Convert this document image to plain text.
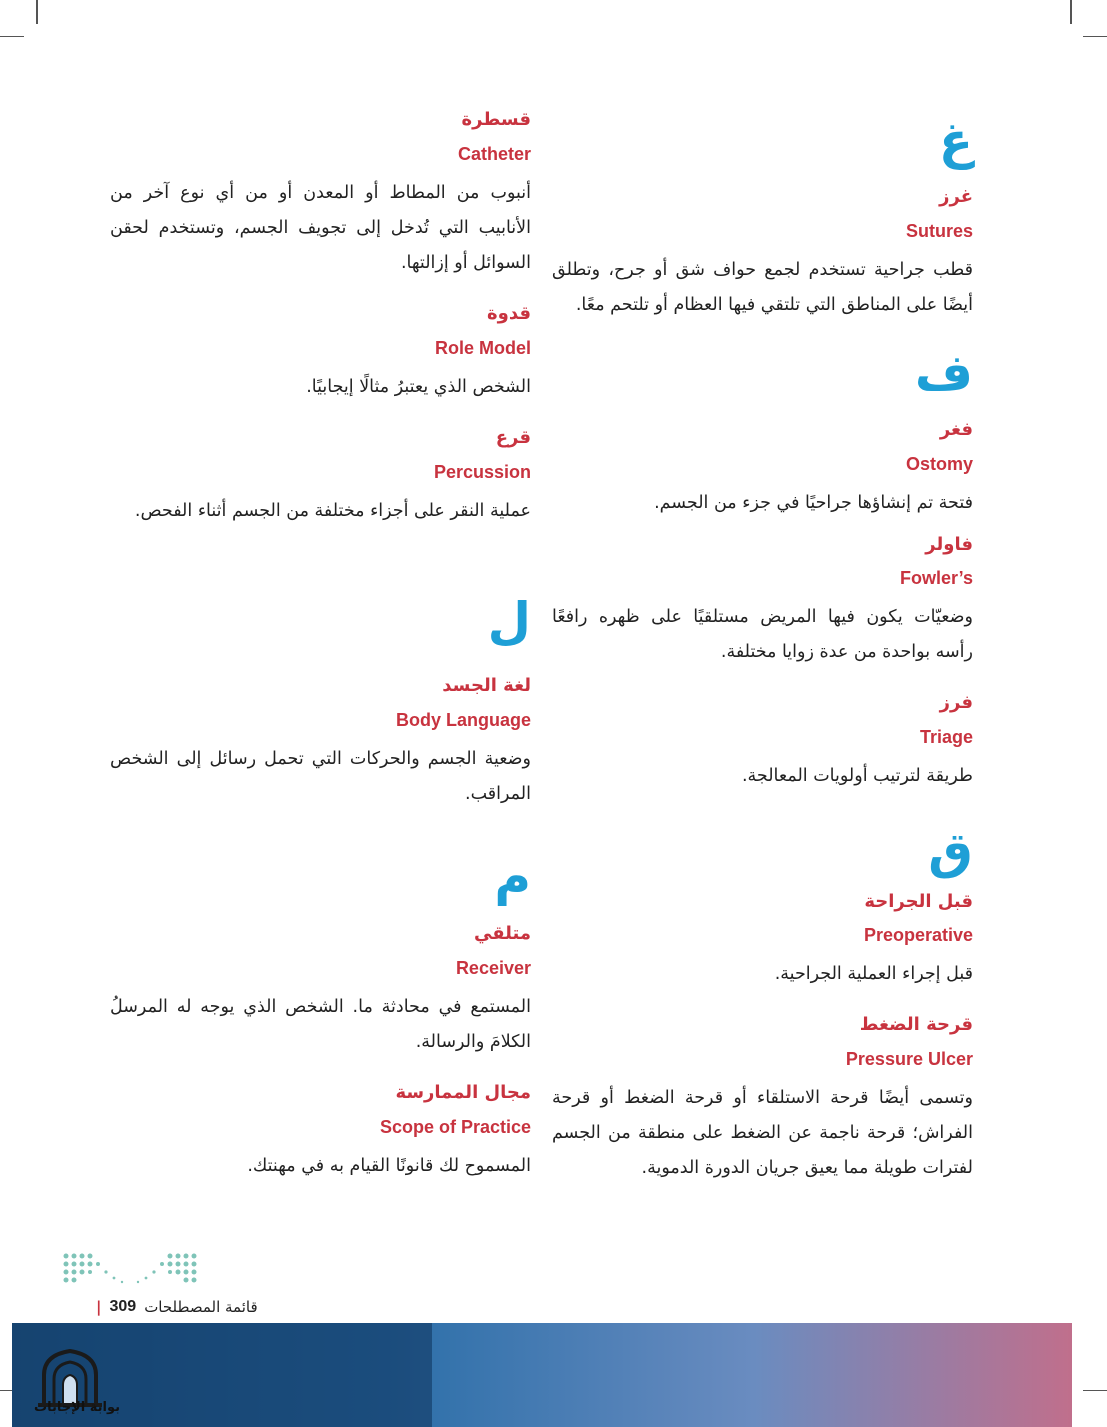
غ
غرز
Sutures
قطب جراحية تستخدم لجمع حواف شق أو جرح، وتطلق أيضًا على المناطق التي تلتقي فيها العظام أو تلتحم معًا.
ف
فغر
Ostomy
فتحة تم إنشاؤها جراحيًا في جزء من الجسم.
فاولر
Fowler’s
وضعيّات يكون فيها المريض مستلقيًا على ظهره رافعًا رأسه بواحدة من عدة زوايا مختلفة.
فرز
Triage
طريقة لترتيب أولويات المعالجة.
ق
قبل الجراحة
Preoperative
قبل إجراء العملية الجراحية.
قرحة الضغط
Pressure Ulcer
وتسمى أيضًا قرحة الاستلقاء أو قرحة الضغط أو قرحة الفراش؛ قرحة ناجمة عن الضغط على منطقة من الجسم لفترات طويلة مما يعيق جريان الدورة الدموية.
قسطرة
Catheter
أنبوب من المطاط أو المعدن أو من أي نوع آخر من الأنابيب التي تُدخل إلى تجويف الجسم، وتستخدم لحقن السوائل أو إزالتها.
قدوة
Role Model
الشخص الذي يعتبرُ مثالًا إيجابيًا.
قرع
Percussion
عملية النقر على أجزاء مختلفة من الجسم أثناء الفحص.
ل
لغة الجسد
Body Language
وضعية الجسم والحركات التي تحمل رسائل إلى الشخص المراقب.
م
متلقي
Receiver
المستمع في محادثة ما. الشخص الذي يوجه له المرسلُ الكلامَ والرسالة.
مجال الممارسة
Scope of Practice
المسموح لك قانونًا القيام به في مهنتك.
قائمة المصطلحات
309
|
بوابة الإجابات
